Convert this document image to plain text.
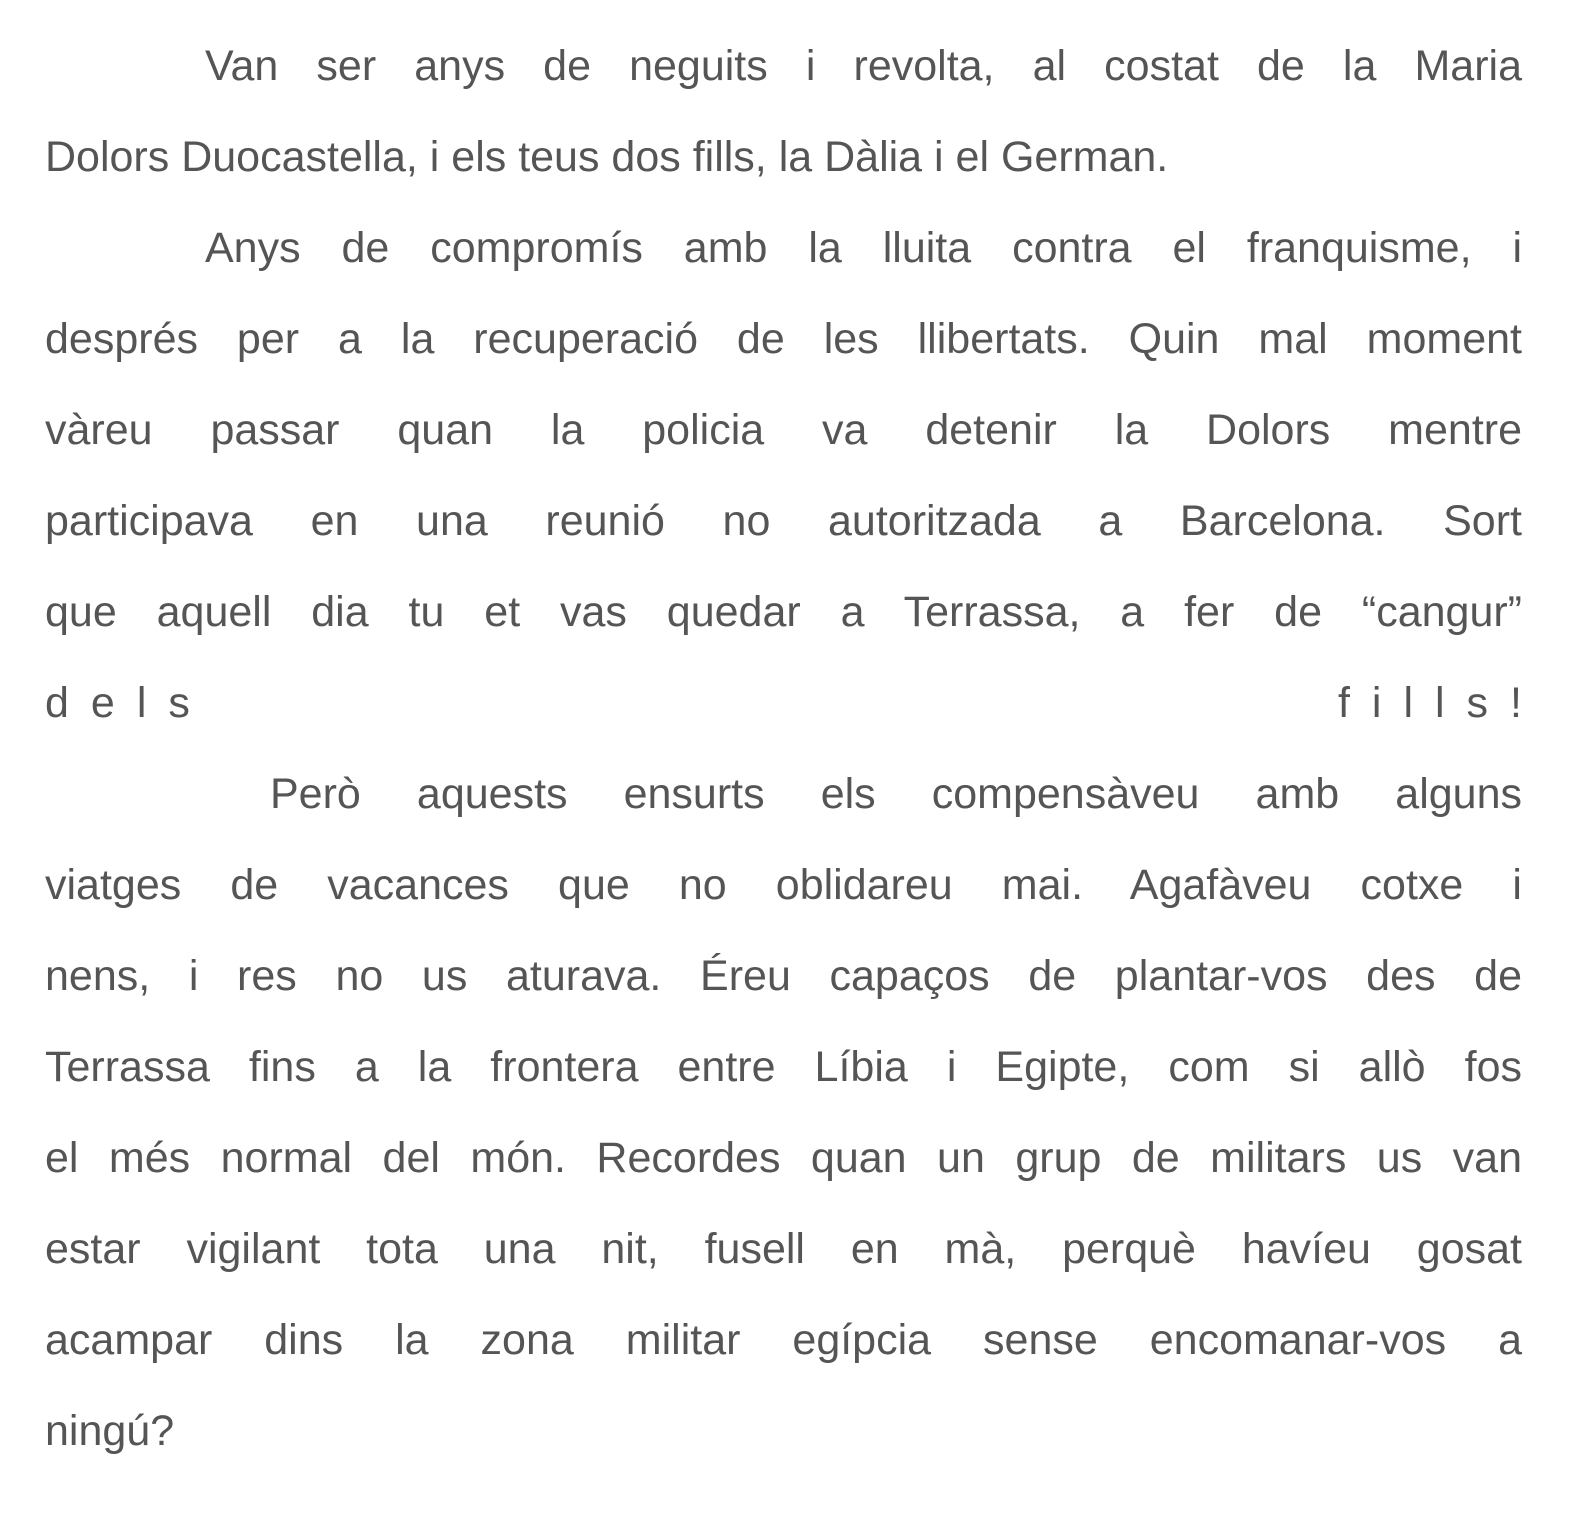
Van ser anys de neguits i revolta, al costat de la Maria
Dolors Duocastella, i els teus dos fills, la Dàlia i el German.
Anys de compromís amb la lluita contra el franquisme, i
després per a la recuperació de les llibertats. Quin mal moment
vàreu passar quan la policia va detenir la Dolors mentre
participava en una reunió no autoritzada a Barcelona. Sort
que aquell dia tu et vas quedar a Terrassa, a fer de “cangur”
dels	fills!
Però aquests ensurts els compensàveu amb alguns
viatges de vacances que no oblidareu mai. Agafàveu cotxe i
nens, i res no us aturava. Éreu capaços de plantar-vos des de
Terrassa fins a la frontera entre Líbia i Egipte, com si allò fos
el més normal del món. Recordes quan un grup de militars us van
estar vigilant tota una nit, fusell en mà, perquè havíeu gosat
acampar dins la zona militar egípcia sense encomanar-vos a
ningú?
